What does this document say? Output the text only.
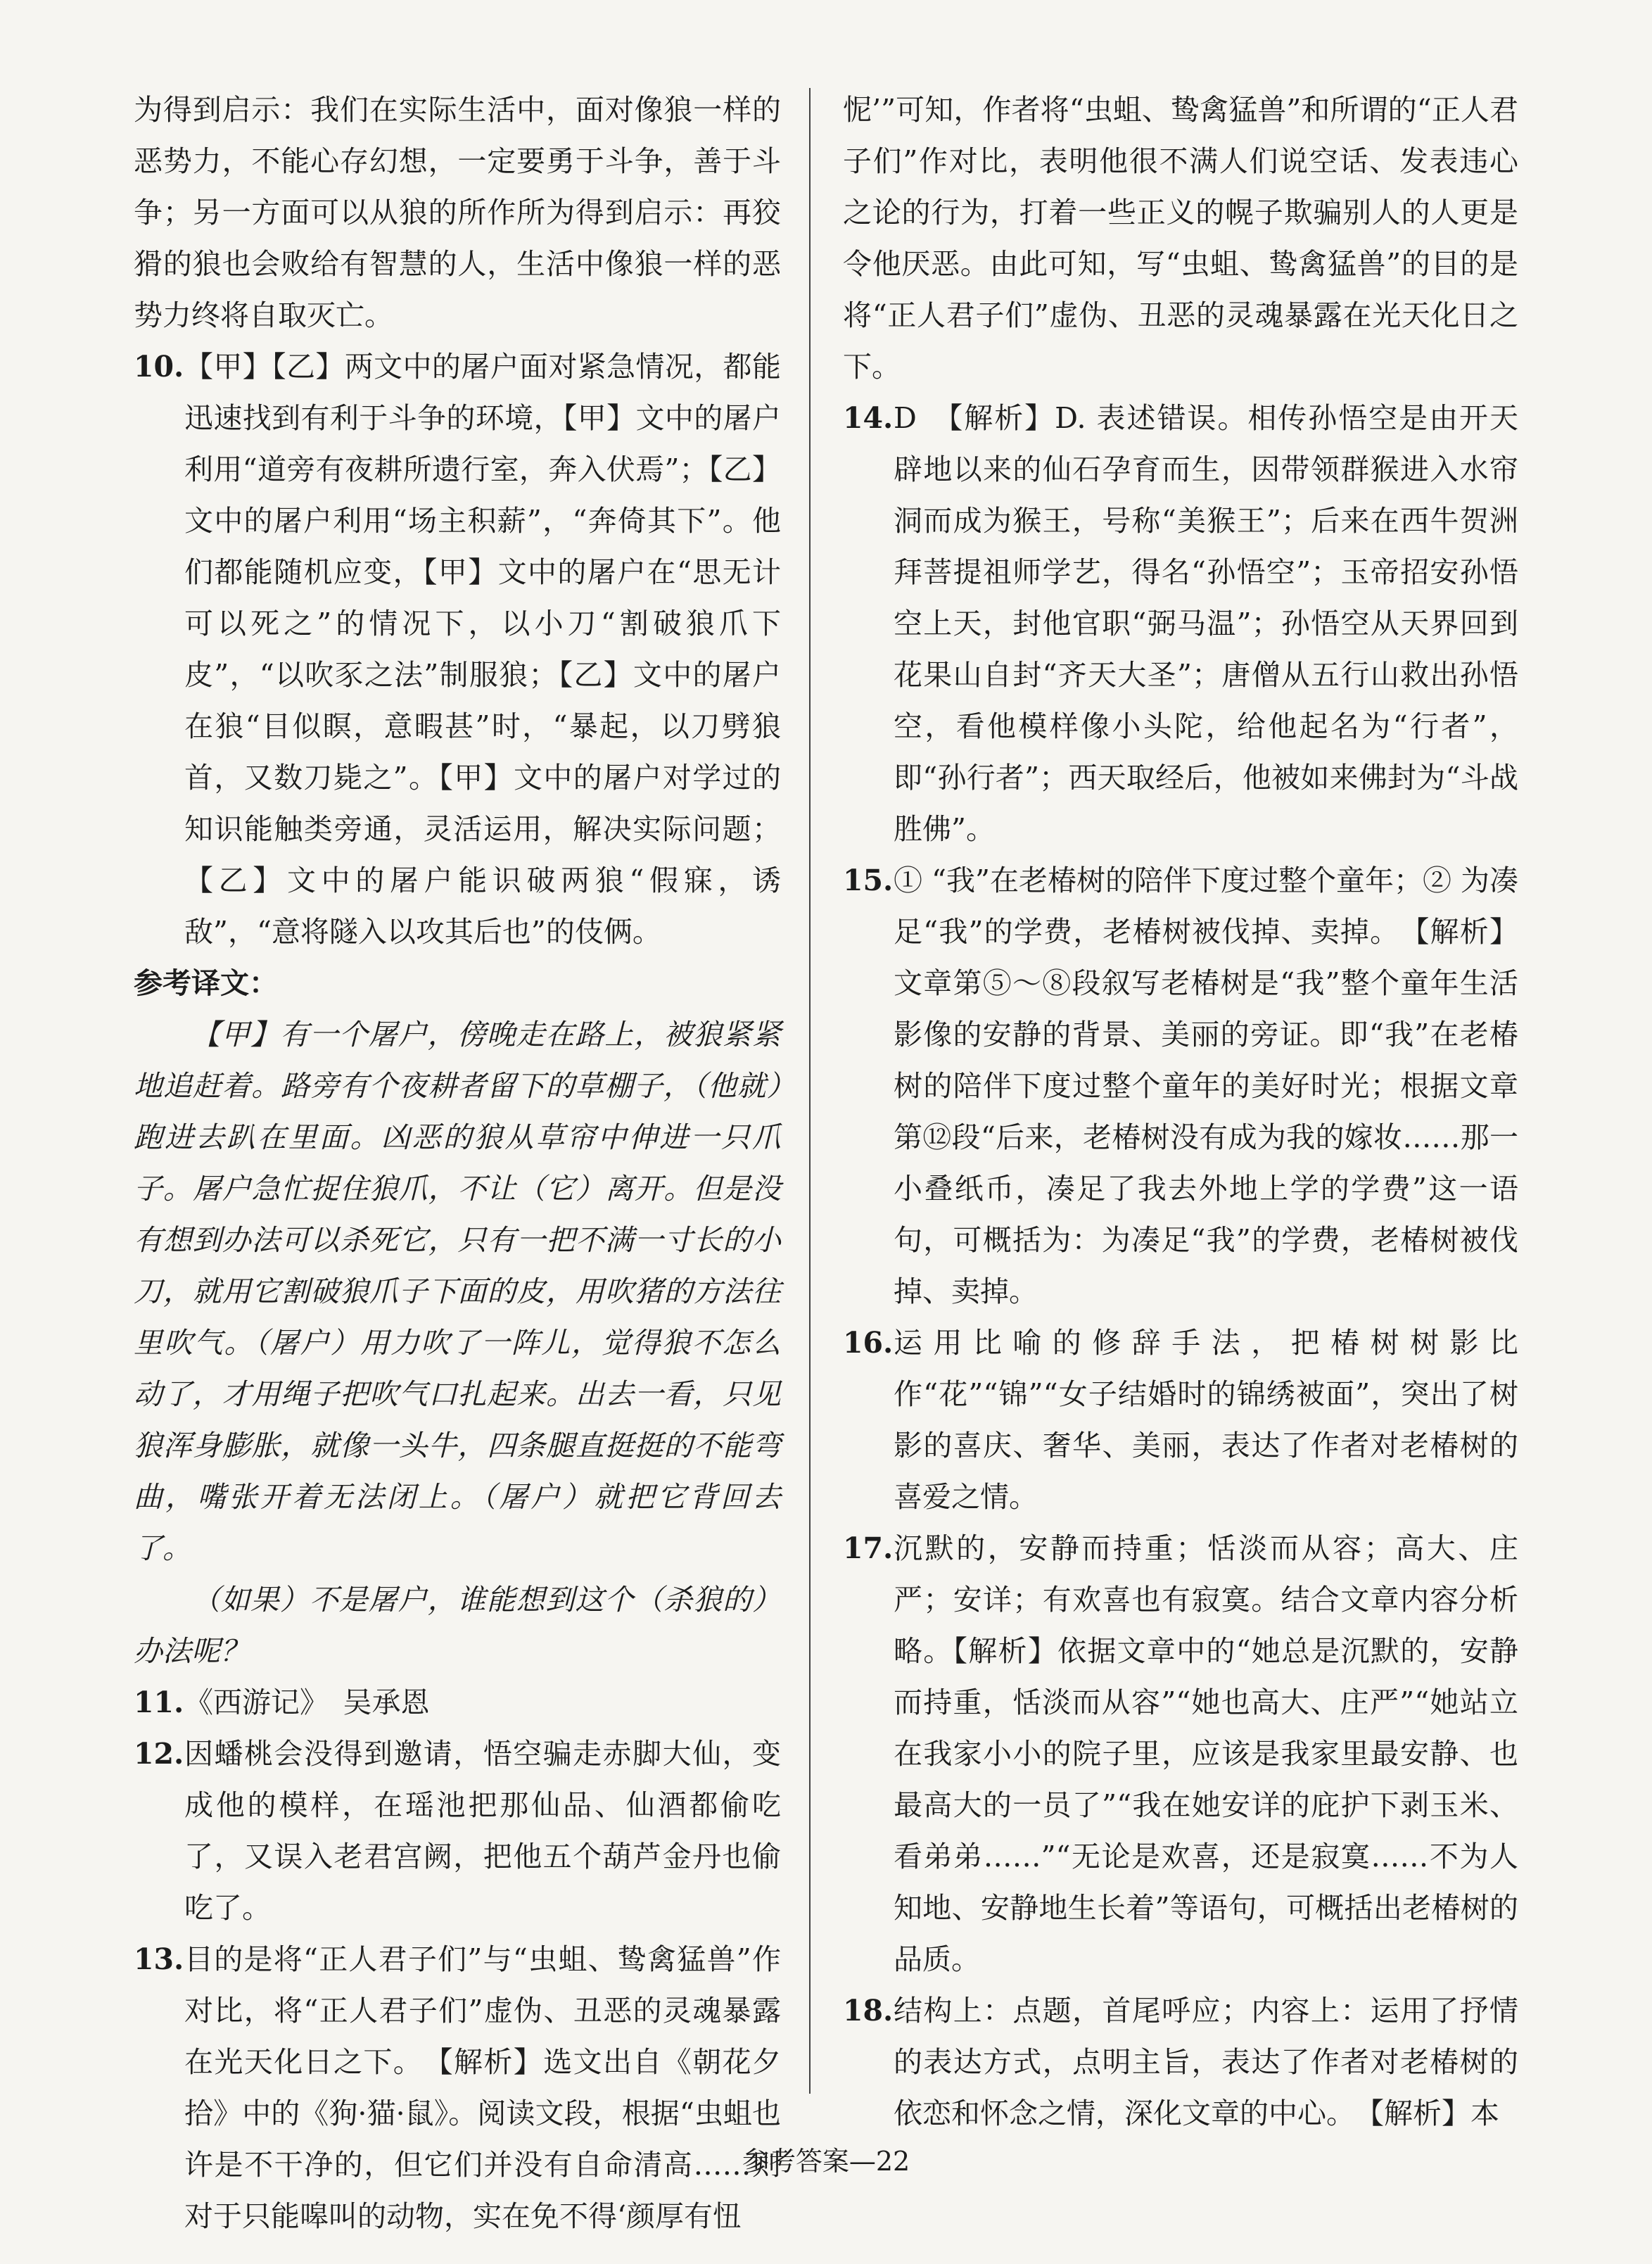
为得到启示：我们在实际生活中，面对像狼一样的恶势力，不能心存幻想，一定要勇于斗争，善于斗争；另一方面可以从狼的所作所为得到启示：再狡猾的狼也会败给有智慧的人，生活中像狼一样的恶势力终将自取灭亡。

10. 【甲】【乙】两文中的屠户面对紧急情况，都能迅速找到有利于斗争的环境，【甲】文中的屠户利用“道旁有夜耕所遗行室，奔入伏焉”；【乙】文中的屠户利用“场主积薪”，“奔倚其下”。他们都能随机应变，【甲】文中的屠户在“思无计可以死之”的情况下，以小刀“割破狼爪下皮”，“以吹豕之法”制服狼；【乙】文中的屠户在狼“目似瞑，意暇甚”时，“暴起，以刀劈狼首，又数刀毙之”。【甲】文中的屠户对学过的知识能触类旁通，灵活运用，解决实际问题；【乙】文中的屠户能识破两狼“假寐，诱敌”，“意将隧入以攻其后也”的伎俩。

参考译文：

【甲】有一个屠户，傍晚走在路上，被狼紧紧地追赶着。路旁有个夜耕者留下的草棚子，（他就）跑进去趴在里面。凶恶的狼从草帘中伸进一只爪子。屠户急忙捉住狼爪，不让（它）离开。但是没有想到办法可以杀死它，只有一把不满一寸长的小刀，就用它割破狼爪子下面的皮，用吹猪的方法往里吹气。（屠户）用力吹了一阵儿，觉得狼不怎么动了，才用绳子把吹气口扎起来。出去一看，只见狼浑身膨胀，就像一头牛，四条腿直挺挺的不能弯曲，嘴张开着无法闭上。（屠户）就把它背回去了。

（如果）不是屠户，谁能想到这个（杀狼的）办法呢？

11. 《西游记》　吴承恩
12. 因蟠桃会没得到邀请，悟空骗走赤脚大仙，变成他的模样，在瑶池把那仙品、仙酒都偷吃了，又误入老君宫阙，把他五个葫芦金丹也偷吃了。
13. 目的是将“正人君子们”与“虫蛆、鸷禽猛兽”作对比，将“正人君子们”虚伪、丑恶的灵魂暴露在光天化日之下。　【解析】选文出自《朝花夕拾》中的《狗·猫·鼠》。阅读文段，根据“虫蛆也许是不干净的，但它们并没有自命清高……则对于只能嗥叫的动物，实在免不得‘颜厚有忸

怩’”可知，作者将“虫蛆、鸷禽猛兽”和所谓的“正人君子们”作对比，表明他很不满人们说空话、发表违心之论的行为，打着一些正义的幌子欺骗别人的人更是令他厌恶。由此可知，写“虫蛆、鸷禽猛兽”的目的是将“正人君子们”虚伪、丑恶的灵魂暴露在光天化日之下。

14. D　【解析】D. 表述错误。相传孙悟空是由开天辟地以来的仙石孕育而生，因带领群猴进入水帘洞而成为猴王，号称“美猴王”；后来在西牛贺洲拜菩提祖师学艺，得名“孙悟空”；玉帝招安孙悟空上天，封他官职“弼马温”；孙悟空从天界回到花果山自封“齐天大圣”；唐僧从五行山救出孙悟空，看他模样像小头陀，给他起名为“行者”，即“孙行者”；西天取经后，他被如来佛封为“斗战胜佛”。
15. ① “我”在老椿树的陪伴下度过整个童年；② 为凑足“我”的学费，老椿树被伐掉、卖掉。　【解析】文章第⑤～⑧段叙写老椿树是“我”整个童年生活影像的安静的背景、美丽的旁证。即“我”在老椿树的陪伴下度过整个童年的美好时光；根据文章第⑫段“后来，老椿树没有成为我的嫁妆……那一小叠纸币，凑足了我去外地上学的学费”这一语句，可概括为：为凑足“我”的学费，老椿树被伐掉、卖掉。
16. 运用比喻的修辞手法，把椿树树影比作“花”“锦”“女子结婚时的锦绣被面”，突出了树影的喜庆、奢华、美丽，表达了作者对老椿树的喜爱之情。
17. 沉默的，安静而持重；恬淡而从容；高大、庄严；安详；有欢喜也有寂寞。结合文章内容分析略。【解析】依据文章中的“她总是沉默的，安静而持重，恬淡而从容”“她也高大、庄严”“她站立在我家小小的院子里，应该是我家里最安静、也最高大的一员了”“我在她安详的庇护下剥玉米、看弟弟……”“无论是欢喜，还是寂寞……不为人知地、安静地生长着”等语句，可概括出老椿树的品质。
18. 结构上：点题，首尾呼应；内容上：运用了抒情的表达方式，点明主旨，表达了作者对老椿树的依恋和怀念之情，深化文章的中心。　【解析】本
参考答案—22
